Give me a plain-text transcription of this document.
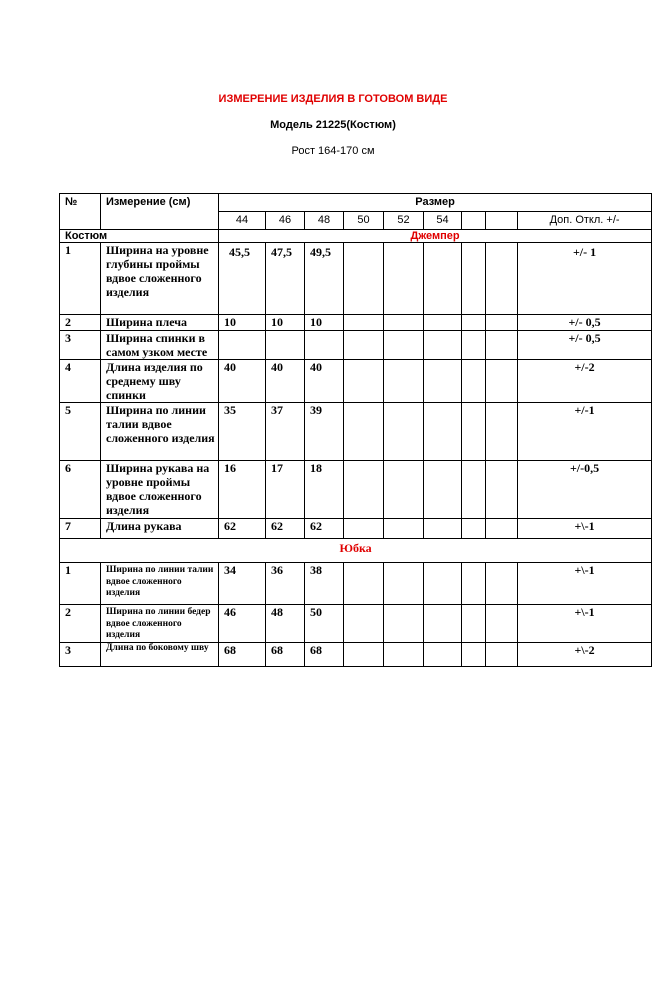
ИЗМЕРЕНИЕ ИЗДЕЛИЯ В ГОТОВОМ ВИДЕ
Модель 21225(Костюм)
Рост 164-170 см
№	Измерение (см)	Размер								
		44	46	48	50	52	54			Доп. Откл. +/-
Костюм		Джемпер								
1	Ширина на уровне глубины проймы вдвое сложенного изделия	45,5	47,5	49,5						+/- 1
2	Ширина плеча	10	10	10						+/- 0,5
3	Ширина спинки в самом узком месте									+/- 0,5
4	Длина изделия по среднему шву спинки	40	40	40						+/-2
5	Ширина по линии талии вдвое сложенного изделия	35	37	39						+/-1
6	Ширина рукава на уровне проймы вдвое сложенного изделия	16	17	18						+/-0,5
7	Длина рукава	62	62	62						+\-1
Юбка										
1	Ширина по линии талии вдвое сложенного изделия	34	36	38						+\-1
2	Ширина по линии бедер вдвое сложенного изделия	46	48	50						+\-1
3	Длина по боковому шву	68	68	68						+\-2
